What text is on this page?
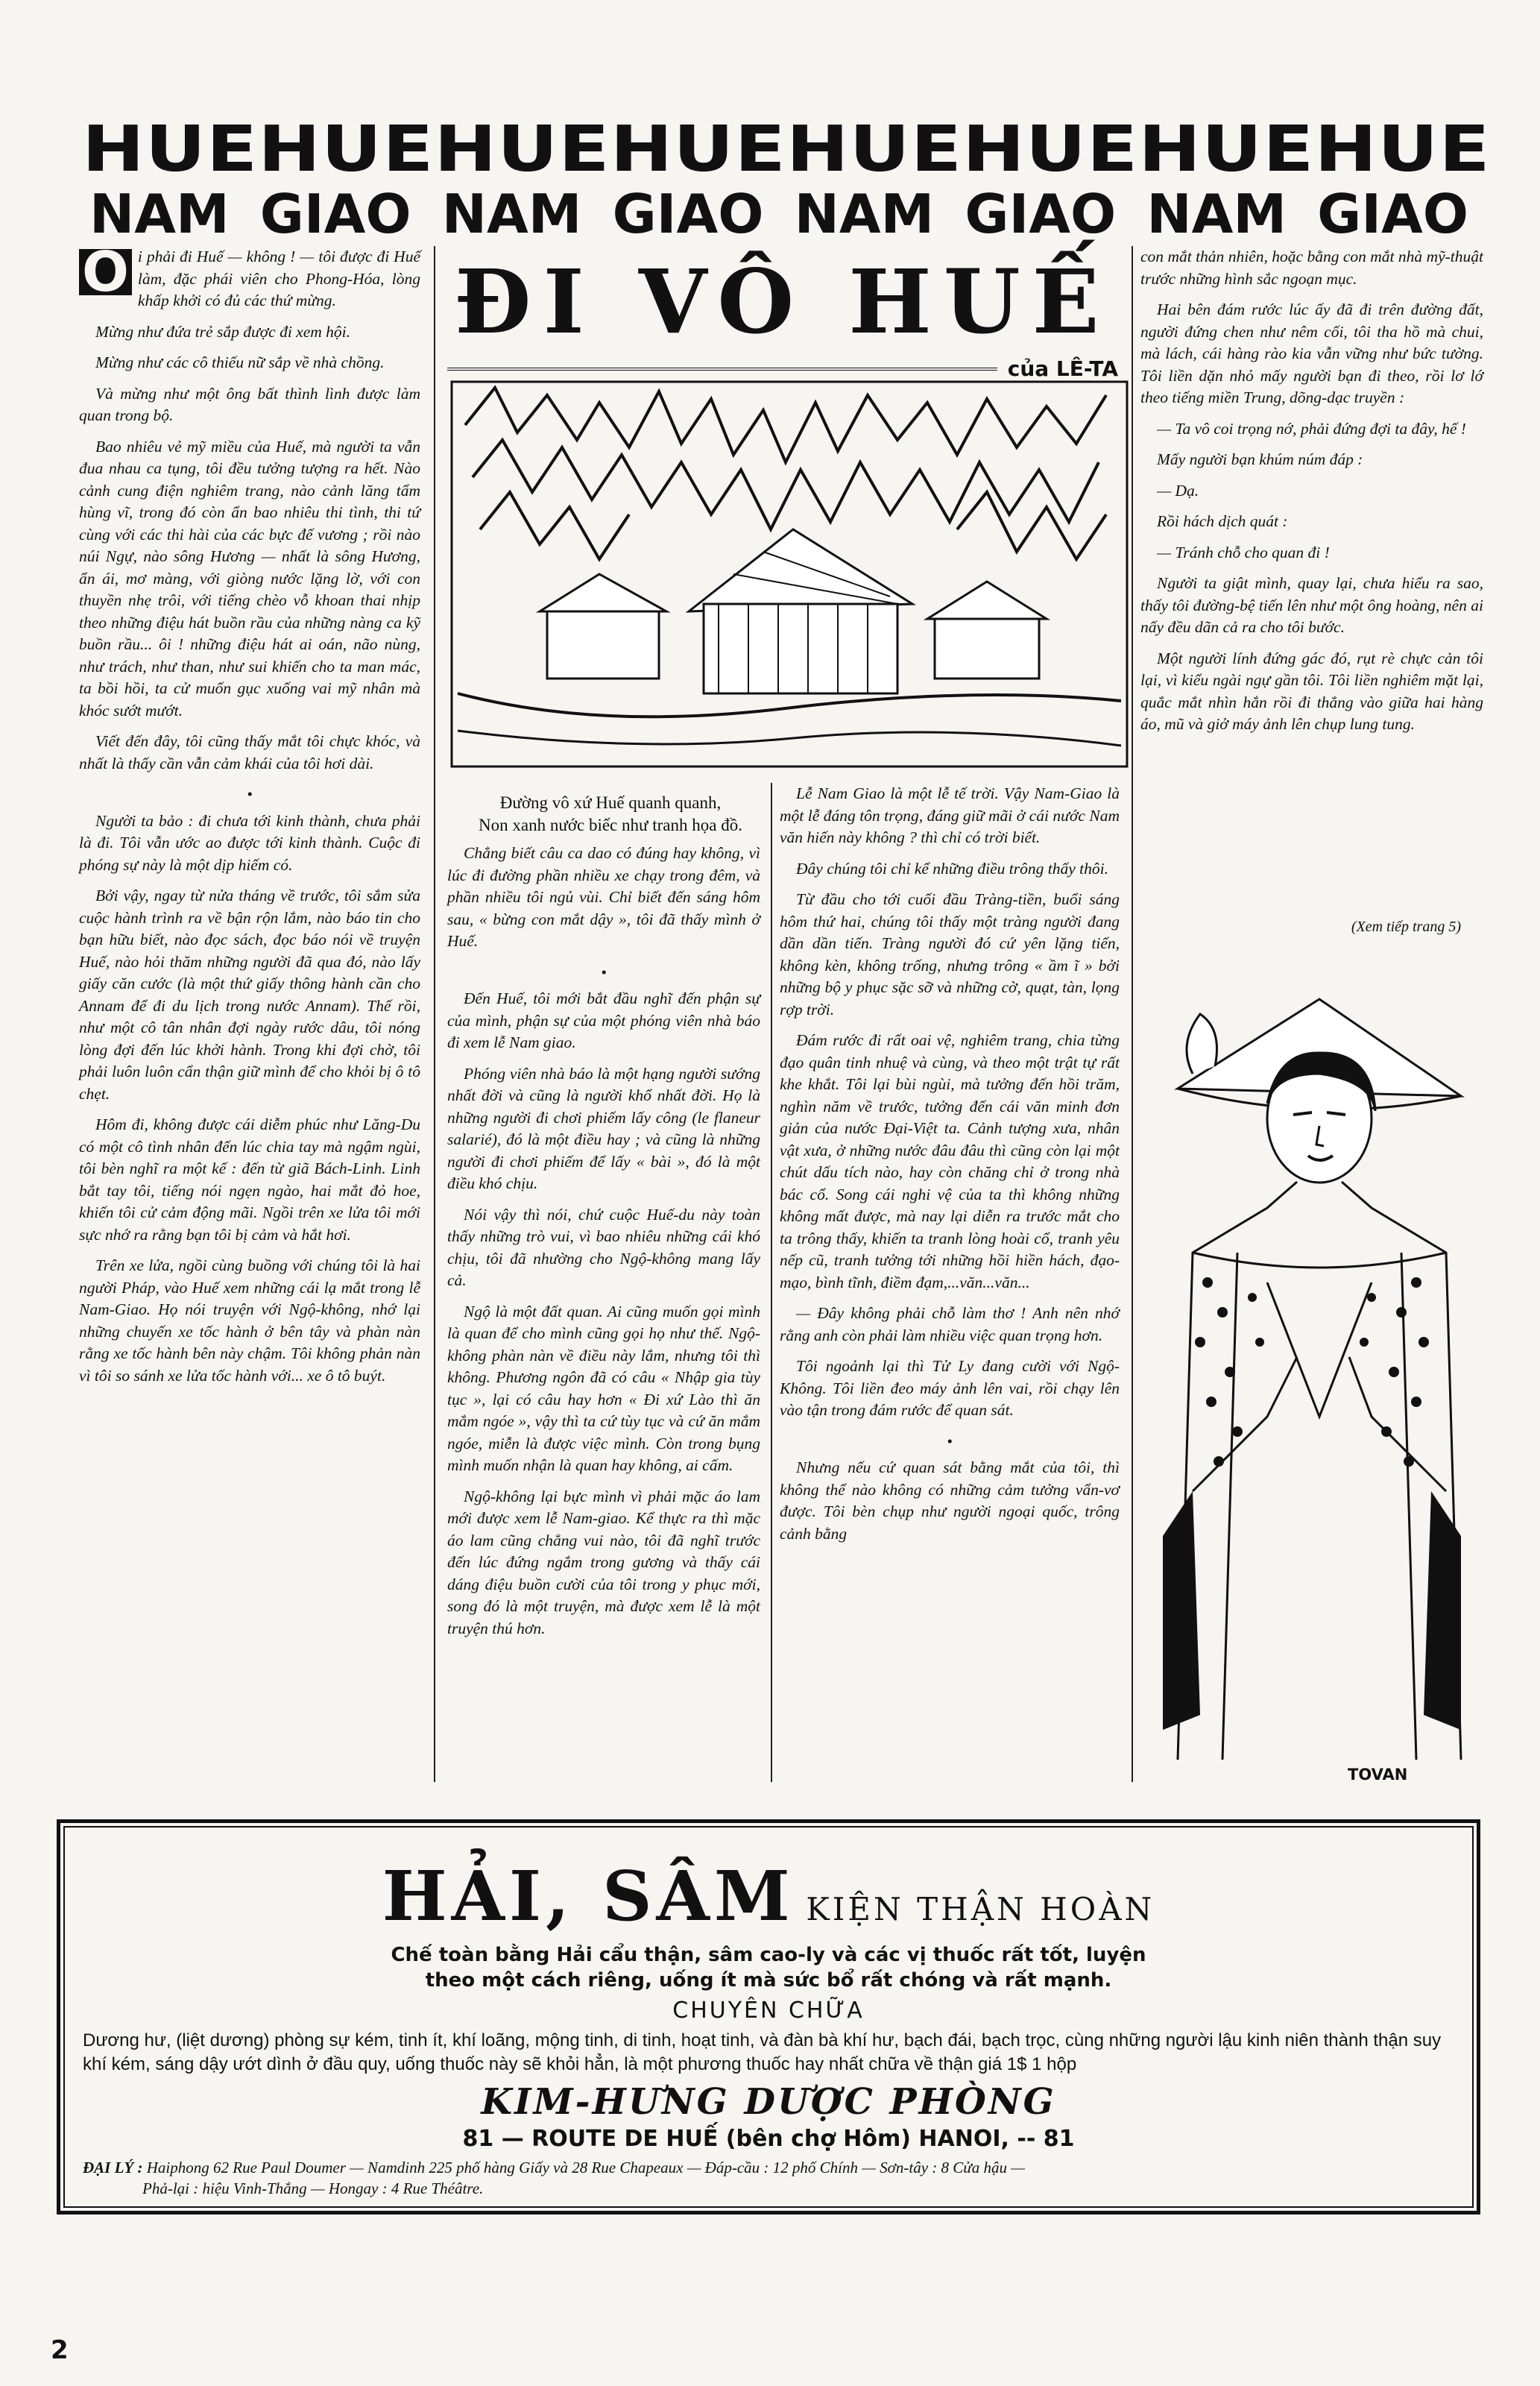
HUE HUE HUE HUE HUE HUE HUE HUE
NAM GIAO NAM GIAO NAM GIAO NAM GIAO
ĐI VÔ HUẾ
của LÊ-TA

Ồ i phải đi Huế — không ! — tôi được đi Huế làm, đặc phái viên cho Phong-Hóa, lòng khấp khởi có đủ các thứ mừng.

Mừng như đứa trẻ sắp được đi xem hội.

Mừng như các cô thiếu nữ sắp về nhà chồng.

Và mừng như một ông bất thình lình được làm quan trong bộ.

Bao nhiêu vẻ mỹ miều của Huế, mà người ta vẫn đua nhau ca tụng, tôi đều tưởng tượng ra hết. Nào cảnh cung điện nghiêm trang, nào cảnh lăng tẩm hùng vĩ, trong đó còn ẩn bao nhiêu thi tình, thi tứ cùng với các thi hài của các bực đế vương ; rồi nào núi Ngự, nào sông Hương — nhất là sông Hương, ẩn ái, mơ màng, với giòng nước lặng lờ, với con thuyền nhẹ trôi, với tiếng chèo vỗ khoan thai nhịp theo những điệu hát buồn rầu của những nàng ca kỹ buồn rầu... ôi ! những điệu hát ai oán, não nùng, như trách, như than, như sui khiến cho ta man mác, ta bồi hồi, ta cử muốn gục xuống vai mỹ nhân mà khóc sướt mướt.

Viết đến đây, tôi cũng thấy mắt tôi chực khóc, và nhất là thấy cần vẫn cảm khái của tôi hơi dài.

•

Người ta bảo : đi chưa tới kinh thành, chưa phải là đi. Tôi vẫn ước ao được tới kinh thành. Cuộc đi phóng sự này là một dịp hiếm có.

Bởi vậy, ngay từ nửa tháng về trước, tôi sắm sửa cuộc hành trình ra về bận rộn lắm, nào báo tin cho bạn hữu biết, nào đọc sách, đọc báo nói về truyện Huế, nào hỏi thăm những người đã qua đó, nào lấy giấy căn cước (là một thứ giấy thông hành cần cho Annam để đi du lịch trong nước Annam). Thế rồi, như một cô tân nhân đợi ngày rước dâu, tôi nóng lòng đợi đến lúc khởi hành. Trong khi đợi chờ, tôi phải luôn luôn cẩn thận giữ mình để cho khỏi bị ô tô chẹt.

Hôm đi, không được cái diễm phúc như Lăng-Du có một cô tình nhân đến lúc chia tay mà ngậm ngùi, tôi bèn nghĩ ra một kế : đến từ giã Bách-Linh. Linh bắt tay tôi, tiếng nói ngẹn ngào, hai mắt đỏ hoe, khiến tôi cử cảm động mãi. Ngồi trên xe lửa tôi mới sực nhớ ra rằng bạn tôi bị cảm và hắt hơi.

Trên xe lửa, ngồi cùng buồng với chúng tôi là hai người Pháp, vào Huế xem những cái lạ mắt trong lễ Nam-Giao. Họ nói truyện với Ngộ-không, nhớ lại những chuyến xe tốc hành ở bên tây và phàn nàn rằng xe tốc hành bên này chậm. Tôi không phản nàn vì tôi so sánh xe lửa tốc hành với... xe ô tô buýt.

Đường vô xứ Huế quanh quanh,
Non xanh nước biếc như tranh họa đồ.

Chẳng biết câu ca dao có đúng hay không, vì lúc đi đường phần nhiều xe chạy trong đêm, và phần nhiều tôi ngủ vùi. Chỉ biết đến sáng hôm sau, « bừng con mắt dậy », tôi đã thấy mình ở Huế.

•

Đến Huế, tôi mới bắt đầu nghĩ đến phận sự của mình, phận sự của một phóng viên nhà báo đi xem lễ Nam giao.

Phóng viên nhà báo là một hạng người sướng nhất đời và cũng là người khổ nhất đời. Họ là những người đi chơi phiếm lấy công (le flaneur salarié), đó là một điều hay ; và cũng là những người đi chơi phiếm để lấy « bài », đó là một điều khó chịu.

Nói vậy thì nói, chứ cuộc Huế-du này toàn thấy những trò vui, vì bao nhiêu những cái khó chịu, tôi đã nhường cho Ngộ-không mang lấy cả.

Ngộ là một đất quan. Ai cũng muốn gọi mình là quan để cho mình cũng gọi họ như thế. Ngộ-không phàn nàn về điều này lắm, nhưng tôi thì không. Phương ngôn đã có câu « Nhập gia tùy tục », lại có câu hay hơn « Đi xứ Lào thì ăn mắm ngóe », vậy thì ta cứ tùy tục và cứ ăn mắm ngóe, miễn là được việc mình. Còn trong bụng mình muốn nhận là quan hay không, ai cấm.

Ngộ-không lại bực mình vì phải mặc áo lam mới được xem lễ Nam-giao. Kể thực ra thì mặc áo lam cũng chẳng vui nào, tôi đã nghĩ trước đến lúc đứng ngắm trong gương và thấy cái dáng điệu buồn cười của tôi trong y phục mới, song đó là một truyện, mà được xem lễ là một truyện thú hơn.

Lễ Nam Giao là một lễ tế trời. Vậy Nam-Giao là một lễ đáng tôn trọng, đáng giữ mãi ở cái nước Nam văn hiến này không ? thì chỉ có trời biết.

Đây chúng tôi chỉ kể những điều trông thấy thôi.

Từ đầu cho tới cuối đầu Tràng-tiền, buổi sáng hôm thứ hai, chúng tôi thấy một tràng người đang dần dần tiến. Tràng người đó cứ yên lặng tiến, không kèn, không trống, nhưng trông « ầm ĩ » bởi những bộ y phục sặc sỡ và những cờ, quạt, tàn, lọng rợp trời.

Đám rước đi rất oai vệ, nghiêm trang, chia từng đạo quân tinh nhuệ và cùng, và theo một trật tự rất khe khắt. Tôi lại bùi ngùi, mà tưởng đến hồi trăm, nghìn năm về trước, tưởng đến cái văn minh đơn giản của nước Đại-Việt ta. Cảnh tượng xưa, nhân vật xưa, ở những nước đâu đâu thì cũng còn lại một chút dấu tích nào, hay còn chăng chỉ ở trong nhà bác cổ. Song cái nghi vệ của ta thì không những không mất được, mà nay lại diễn ra trước mắt cho ta trông thấy, khiến ta tranh lòng hoài cổ, tranh yêu nếp cũ, tranh tưởng tới những hồi hiền hách, đạo-mạo, bình tĩnh, điềm đạm,...văn...văn...

— Đây không phải chỗ làm thơ ! Anh nên nhớ rằng anh còn phải làm nhiều việc quan trọng hơn.

Tôi ngoảnh lại thì Tử Ly đang cười với Ngộ-Không. Tôi liền đeo máy ảnh lên vai, rồi chạy lên vào tận trong đám rước để quan sát.

•

Nhưng nếu cứ quan sát bằng mắt của tôi, thì không thể nào không có những cảm tưởng vẩn-vơ được. Tôi bèn chụp như người ngoại quốc, trông cảnh bằng

con mắt thản nhiên, hoặc bằng con mắt nhà mỹ-thuật trước những hình sắc ngoạn mục.

Hai bên đám rước lúc ấy đã đi trên đường đất, người đứng chen như nêm cối, tôi tha hồ mà chui, mà lách, cái hàng rào kia vẫn vững như bức tường. Tôi liền dặn nhỏ mấy người bạn đi theo, rồi lơ lớ theo tiếng miền Trung, dõng-dạc truyền :

— Ta vô coi trọng nớ, phải đứng đợi ta đây, hế !

Mấy người bạn khúm núm đáp :

— Dạ.

Rồi hách dịch quát :

— Tránh chỗ cho quan đi !

Người ta giật mình, quay lại, chưa hiểu ra sao, thấy tôi đường-bệ tiến lên như một ông hoàng, nên ai nấy đều dãn cả ra cho tôi bước.

Một người lính đứng gác đó, rụt rè chực cản tôi lại, vì kiểu ngài ngự gần tôi. Tôi liền nghiêm mặt lại, quắc mắt nhìn hắn rồi đi thẳng vào giữa hai hàng áo, mũ và giở máy ảnh lên chụp lung tung.

(Xem tiếp trang 5)
TOVAN
HẢI, SÂM KIỆN THẬN HOÀN
Chế toàn bằng Hải cẩu thận, sâm cao-ly và các vị thuốc rất tốt, luyện
theo một cách riêng, uống ít mà sức bổ rất chóng và rất mạnh.
CHUYÊN CHỮA
Dương hư, (liệt dương) phòng sự kém, tinh ít, khí loãng, mộng tinh, di tinh, hoạt tinh, và đàn bà khí hư, bạch đái, bạch trọc, cùng những người lậu kinh niên thành thận suy khí kém, sáng dậy ướt dình ở đầu quy, uống thuốc này sẽ khỏi hẳn, là một phương thuốc hay nhất chữa về thận giá 1$ 1 hộp
KIM-HƯNG DƯỢC PHÒNG
81 — ROUTE DE HUẾ (bên chợ Hôm) HANOI, -- 81
ĐẠI LÝ : Haiphong 62 Rue Paul Doumer — Namdinh 225 phố hàng Giấy và 28 Rue Chapeaux — Đáp-cầu : 12 phố Chính — Sơn-tây : 8 Cửa hậu —
Phả-lại : hiệu Vinh-Thắng — Hongay : 4 Rue Théâtre.
2
